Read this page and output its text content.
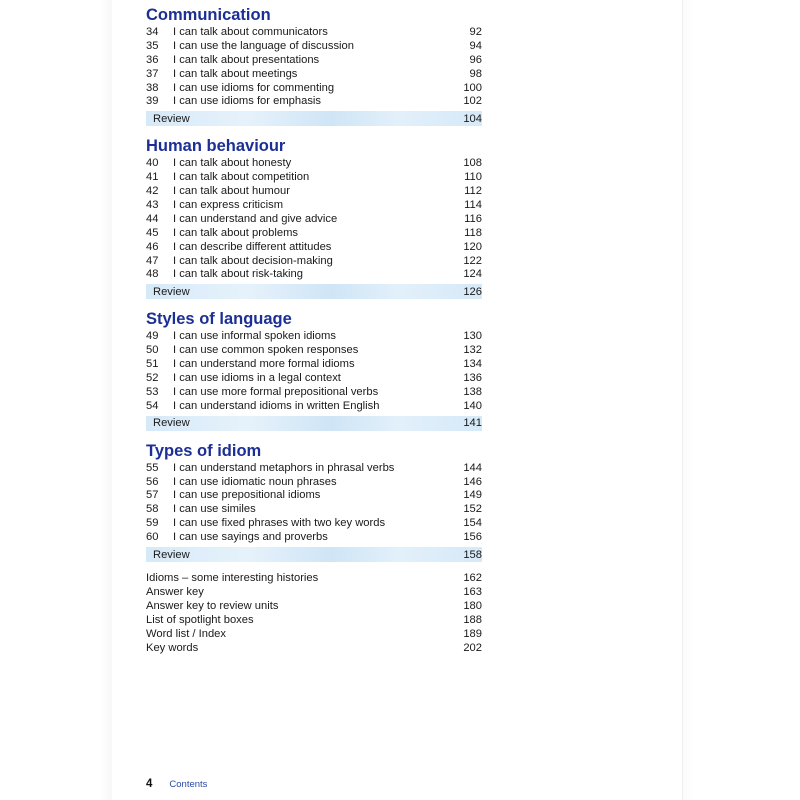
Communication
34	I can talk about communicators	92
35	I can use the language of discussion	94
36	I can talk about presentations	96
37	I can talk about meetings	98
38	I can use idioms for commenting	100
39	I can use idioms for emphasis	102
Review	104
Human behaviour
40	I can talk about honesty	108
41	I can talk about competition	110
42	I can talk about humour	112
43	I can express criticism	114
44	I can understand and give advice	116
45	I can talk about problems	118
46	I can describe different attitudes	120
47	I can talk about decision-making	122
48	I can talk about risk-taking	124
Review	126
Styles of language
49	I can use informal spoken idioms	130
50	I can use common spoken responses	132
51	I can understand more formal idioms	134
52	I can use idioms in a legal context	136
53	I can use more formal prepositional verbs	138
54	I can understand idioms in written English	140
Review	141
Types of idiom
55	I can understand metaphors in phrasal verbs	144
56	I can use idiomatic noun phrases	146
57	I can use prepositional idioms	149
58	I can use similes	152
59	I can use fixed phrases with two key words	154
60	I can use sayings and proverbs	156
Review	158
Idioms – some interesting histories	162
Answer key	163
Answer key to review units	180
List of spotlight boxes	188
Word list / Index	189
Key words	202
4 Contents
